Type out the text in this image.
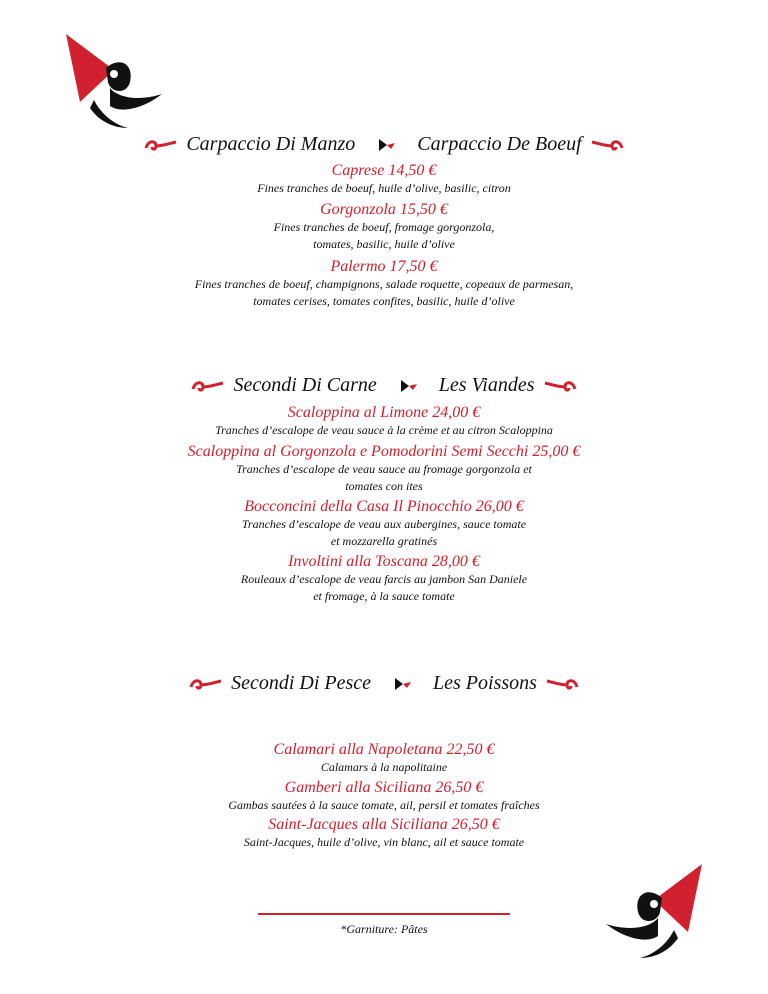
Carpaccio Di Manzo	Carpaccio De Boeuf
Caprese 14,50 €
Fines tranches de boeuf, huile d’olive, basilic, citron
Gorgonzola 15,50 €
Fines tranches de boeuf, fromage gorgonzola,
tomates, basilic, huile d’olive
Palermo 17,50 €
Fines tranches de boeuf, champignons, salade roquette, copeaux de parmesan,
tomates cerises, tomates confites, basilic, huile d’olive
Secondi Di Carne	Les Viandes
Scaloppina al Limone 24,00 €
Tranches d’escalope de veau sauce à la crème et au citron Scaloppina
Scaloppina al Gorgonzola e Pomodorini Semi Secchi 25,00 €
Tranches d’escalope de veau sauce au fromage gorgonzola et
tomates con ites
Bocconcini della Casa Il Pinocchio 26,00 €
Tranches d’escalope de veau aux aubergines, sauce tomate
et mozzarella gratinés
Involtini alla Toscana 28,00 €
Rouleaux d’escalope de veau farcis au jambon San Daniele
et fromage, à la sauce tomate
Secondi Di Pesce	Les Poissons
Calamari alla Napoletana 22,50 €
Calamars à la napolitaine
Gamberi alla Siciliana 26,50 €
Gambas sautées à la sauce tomate, ail, persil et tomates fraîches
Saint-Jacques alla Siciliana 26,50 €
Saint-Jacques, huile d’olive, vin blanc, ail et sauce tomate
*Garniture: Pâtes
